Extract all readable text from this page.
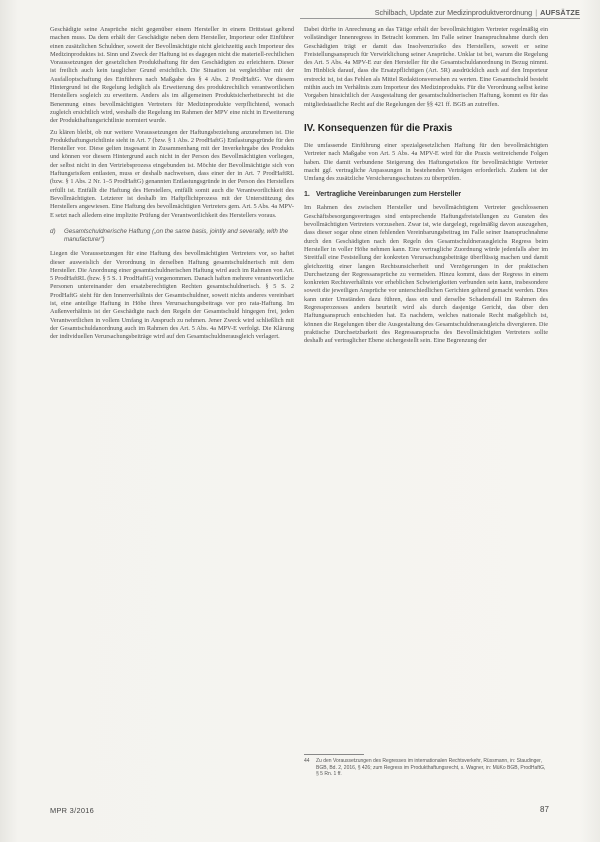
Schilbach, Update zur Medizinproduktverordnung | AUFSÄTZE

Geschädigte seine Ansprüche nicht gegenüber einem Hersteller in einem Drittstaat geltend machen muss. Da dem erhält der Geschädigte neben dem Hersteller, Importeur oder Einführer einen zusätzlichen Schuldner, soweit der Bevollmächtigte nicht gleichzeitig auch Importeur des Medizinproduktes ist. Sinn und Zweck der Haftung ist es dagegen nicht die materiell-rechtlichen Voraussetzungen der gesetzlichen Produkthaftung für den Geschädigten zu erleichtern. Dieser ist freilich auch kein tauglicher Grund ersichtlich. Die Situation ist vergleichbar mit der Ausfalloptschaftung des Einführers nach Maßgabe des § 4 Abs. 2 ProdHaftG. Vor diesem Hintergrund ist die Regelung lediglich als Erweiterung des produktrechtlich verantwortlichen Herstellers sogleich zu erweitern. Anders als im allgemeinen Produktsicherheitsrecht ist die Benennung eines bevollmächtigten Vertreters für Medizinprodukte verpflichtend, wonach zugleich ersichtlich wird, weshalb die Regelung im Rahmen der MPV eine nicht in Erweiterung der Produkthaftungsrichtlinie normiert wurde.

Zu klären bleibt, ob nur weitere Voraussetzungen der Haftungsbeziehung anzunehmen ist. Die Produkthaftungsrichtlinie sieht in Art. 7 (bzw. § 1 Abs. 2 ProdHaftG) Entlastungsgründe für den Hersteller vor. Diese gelten insgesamt in Zusammenhang mit der Inverkehrgabe des Produkts und können vor diesem Hintergrund auch nicht in der Person des Bevollmächtigten vorliegen, der selbst nicht in den Vertriebsprozess eingebunden ist. Möchte der Bevollmächtigte sich von Haftungsrisiken entlasten, muss er deshalb nachweisen, dass einer der in Art. 7 ProdHaftRL (bzw. § 1 Abs. 2 Nr. 1–5 ProdHaftG) genannten Entlastungsgründe in der Person des Herstellers erfüllt ist. Entfällt die Haftung des Herstellers, entfällt somit auch die Verantwortlichkeit des Bevollmächtigten. Letzterer ist deshalb im Haftpflichtprozess mit der Unterstützung des Herstellers angewiesen. Eine Haftung des bevollmächtigten Vertreters gem. Art. 5 Abs. 4a MPV-E setzt nach alledem eine implizite Prüfung der Verantwortlichkeit des Herstellers voraus.

d)	Gesamtschuldnerische Haftung („on the same basis, jointly and severally, with the manufacturer“)

Liegen die Voraussetzungen für eine Haftung des bevollmächtigten Vertreters vor, so haftet dieser ausweislich der Verordnung in derselben Haftung gesamtschuldnerisch mit dem Hersteller. Die Anordnung einer gesamtschuldnerischen Haftung wird auch im Rahmen von Art. 5 ProdHaftRL (bzw. § 5 S. 1 ProdHaftG) vorgenommen. Danach haften mehrere verantwortliche Personen untereinander den ersatzberechtigten Rechten gesamtschuldnerisch. § 5 S. 2 ProdHaftG sieht für den Innenverhältnis der Gesamtschuldner, soweit nichts anderes vereinbart ist, eine anteilige Haftung in Höhe ihres Verursachungsbeitrags vor pro rata-Haftung. Im Außenverhältnis ist der Geschädigte nach den Regeln der Gesamtschuld hingegen frei, jeden Verantwortlichen in vollem Umfang in Anspruch zu nehmen. Jener Zweck wird schließlich mit der Gesamtschuldanordnung auch im Rahmen des Art. 5 Abs. 4a MPV-E verfolgt. Die Klärung der individuellen Verursachungsbeiträge wird auf den Gesamtschuldnerausgleich verlagert.

Dabei dürfte in Anrechnung an das Tätige erhält der bevollmächtigten Vertreter regelmäßig ein vollständiger Innenregress in Betracht kommen. Im Falle seiner Inanspruchnahme durch den Geschädigten trägt er damit das Insolvenzrisiko des Herstellers, soweit er seine Freistellungsanspruch für Verwirklichung seiner Ansprüche. Unklar ist bei, warum die Regelung des Art. 5 Abs. 4a MPV-E zur den Hersteller für die Gesamtschuldanordnung in Bezug nimmt. Im Hinblick darauf, dass die Ersatzpflichtigen (Art. 5R) ausdrücklich auch auf den Importeur erstreckt ist, ist das Fehlen als Mittel Redaktionsversehen zu werten. Eine Gesamtschuld besteht mithin auch im Verhältnis zum Importeur des Medizinprodukts. Für die Verordnung selbst keine Vorgaben hinsichtlich der Ausgestaltung der gesamtschuldnerischen Haftung, kommt es für das mitgliedstaatliche Recht auf die Regelungen der §§ 421 ff. BGB an zutreffen.

IV. Konsequenzen für die Praxis

Die umfassende Einführung einer spezialgesetzlichen Haftung für den bevollmächtigten Vertreter nach Maßgabe von Art. 5 Abs. 4a MPV-E wird für die Praxis weitreichende Folgen haben. Die damit verbundene Steigerung des Haftungsrisikos für bevollmächtigte Vertreter macht ggf. vertragliche Anpassungen in bestehenden Verträgen erforderlich. Zudem ist der Umfang des zusätzliche Versicherungsschutzes zu überprüfen.

1. Vertragliche Vereinbarungen zum Hersteller

Im Rahmen des zwischen Hersteller und bevollmächtigtem Vertreter geschlossenen Geschäftsbesorgungsvertrages sind entsprechende Haftungsfreistellungen zu Gunsten des bevollmächtigten Vertreters vorzusehen. Zwar ist, wie dargelegt, regelmäßig davon auszugehen, dass dieser sogar ohne einen fehlenden Vereinbarungsbeitrag im Falle seiner Inanspruchnahme durch den Geschädigten nach den Regeln des Gesamtschuldnerausgleichs Regress beim Hersteller in voller Höhe nehmen kann. Eine vertragliche Zuordnung würde jedenfalls aber im Streitfall eine Feststellung der konkreten Verursachungsbeiträge überflüssig machen und damit gleichzeitig einer langen Rechtsunsicherheit und Verzögerungen in der praktischen Durchsetzung der Regressansprüche zu vermeiden. Hinzu kommt, dass der Regress in einem konkreten Rechtsverhältnis vor erheblichen Schwierigkeiten verbunden sein kann, insbesondere soweit die jeweiligen Ansprüche vor unterschiedlichen Gerichten geltend gemacht werden. Dies kann unter Umständen dazu führen, dass ein und derselbe Schadensfall im Rahmen des Regressprozesses anders beurteilt wird als durch dasjenige Gericht, das über den Haftungsanspruch entschieden hat. Es nachdem, welches nationale Recht maßgeblich ist, können die Regelungen über die Ausgestaltung des Gesamtschuldnerausgleichs divergieren. Die praktische Durchsetzbarkeit des Regressanspruchs des Bevollmächtigten Vertreters sollte deshalb auf vertraglicher Ebene sichergestellt sein. Eine Begrenzung der

44	Zu den Voraussetzungen des Regresses im internationalen Rechtsverkehr, Rüssmann, in: Staudinger, BGB, Bd. 2, 2016, § 426; zum Regress im Produkthaftungsrecht, s. Wagner, in: MüKo BGB, ProdHaftG, § 5 Rn. 1 ff.
MPR 3/2016	87
